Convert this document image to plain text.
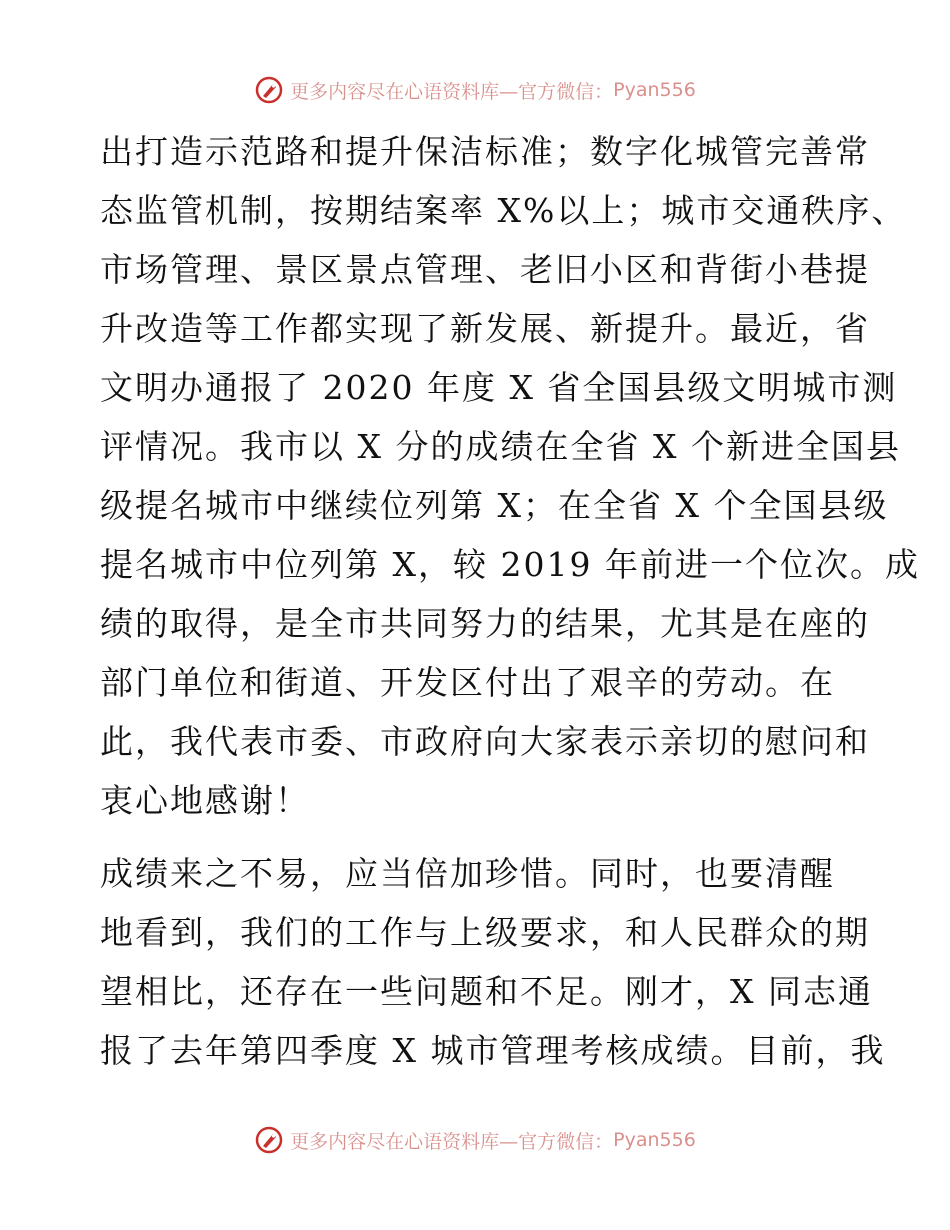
更多内容尽在心语资料库—官方微信： Pyan556
出打造示范路和提升保洁标准；数字化城管完善常
态监管机制，按期结案率 X%以上；城市交通秩序、
市场管理、景区景点管理、老旧小区和背街小巷提
升改造等工作都实现了新发展、新提升。最近，省
文明办通报了 2020 年度 X 省全国县级文明城市测
评情况。我市以 X 分的成绩在全省 X 个新进全国县
级提名城市中继续位列第 X；在全省 X 个全国县级
提名城市中位列第 X，较 2019 年前进一个位次。成
绩的取得，是全市共同努力的结果，尤其是在座的
部门单位和街道、开发区付出了艰辛的劳动。在
此，我代表市委、市政府向大家表示亲切的慰问和
衷心地感谢！
成绩来之不易，应当倍加珍惜。同时，也要清醒
地看到，我们的工作与上级要求，和人民群众的期
望相比，还存在一些问题和不足。刚才，X 同志通
报了去年第四季度 X 城市管理考核成绩。目前，我
更多内容尽在心语资料库—官方微信： Pyan556
